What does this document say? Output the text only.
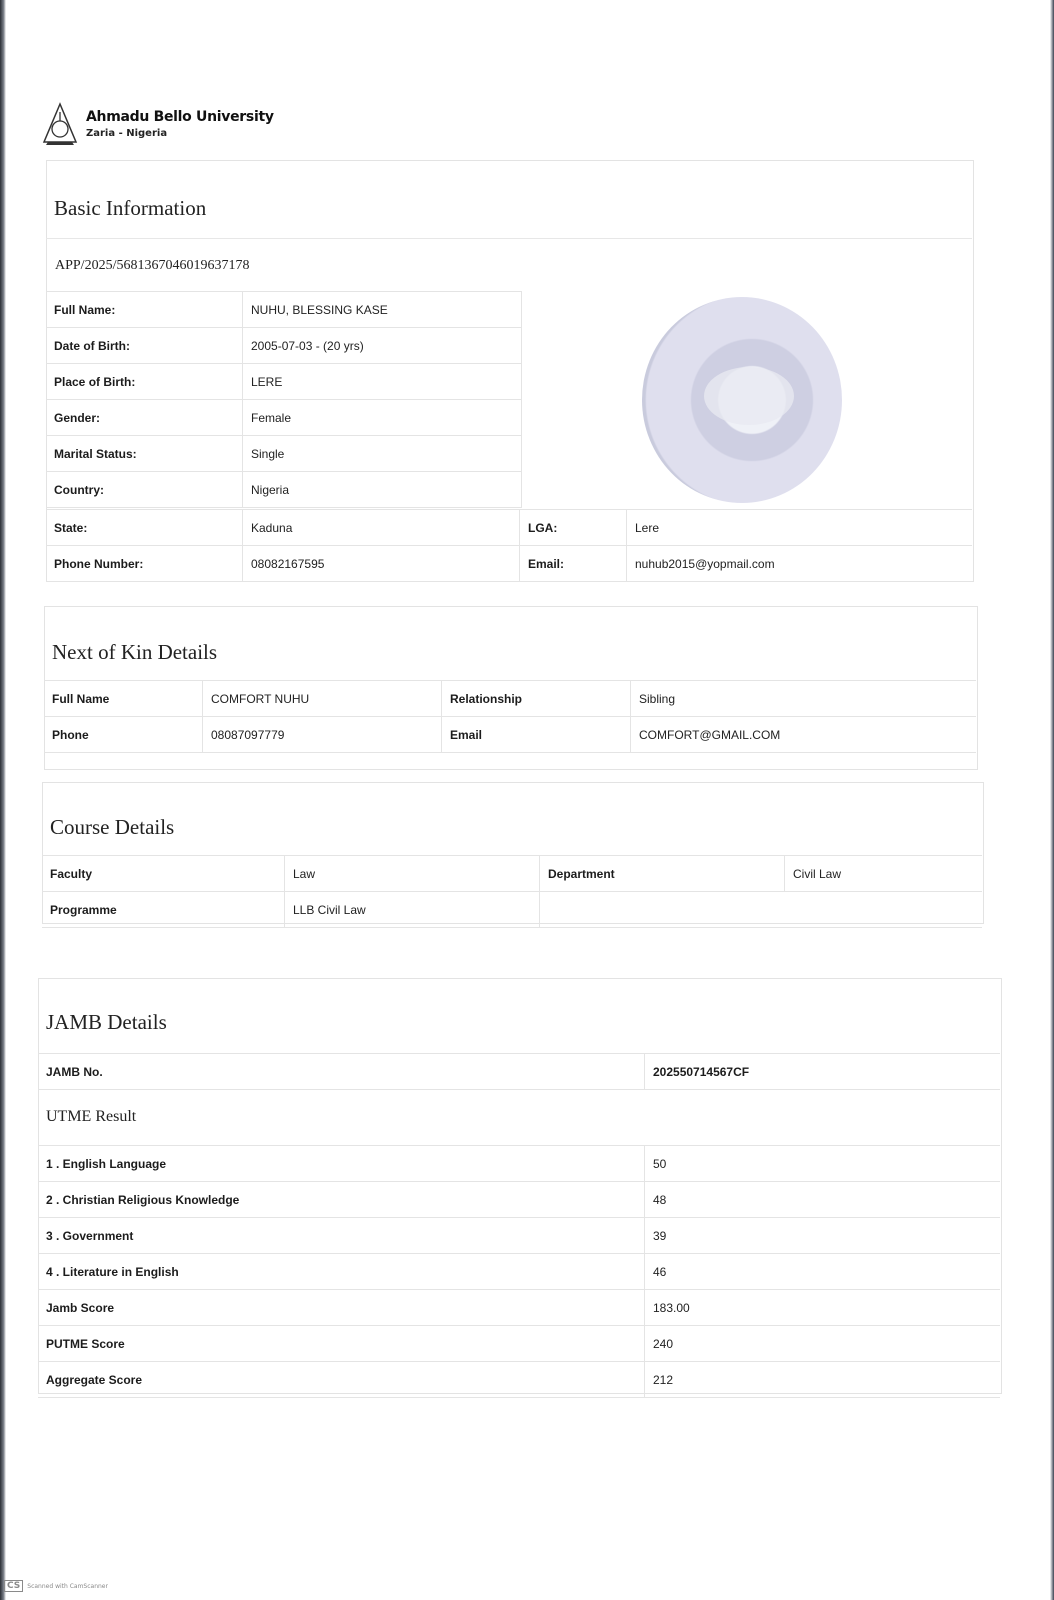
Ahmadu Bello University
Zaria - Nigeria
Basic Information
APP/2025/5681367046019637178
Full Name:	NUHU, BLESSING KASE
Date of Birth:	2005-07-03 - (20 yrs)
Place of Birth:	LERE
Gender:	Female
Marital Status:	Single
Country:	Nigeria
State:	Kaduna	LGA:	Lere
Phone Number:	08082167595	Email:	nuhub2015@yopmail.com
Next of Kin Details
Full Name	COMFORT NUHU	Relationship	Sibling
Phone	08087097779	Email	COMFORT@GMAIL.COM
Course Details
Faculty	Law	Department	Civil Law
Programme	LLB Civil Law		
JAMB Details
JAMB No.	202550714567CF
UTME Result
1 . English Language	50
2 . Christian Religious Knowledge	48
3 . Government	39
4 . Literature in English	46
Jamb Score	183.00
PUTME Score	240
Aggregate Score	212
CS	Scanned with CamScanner
